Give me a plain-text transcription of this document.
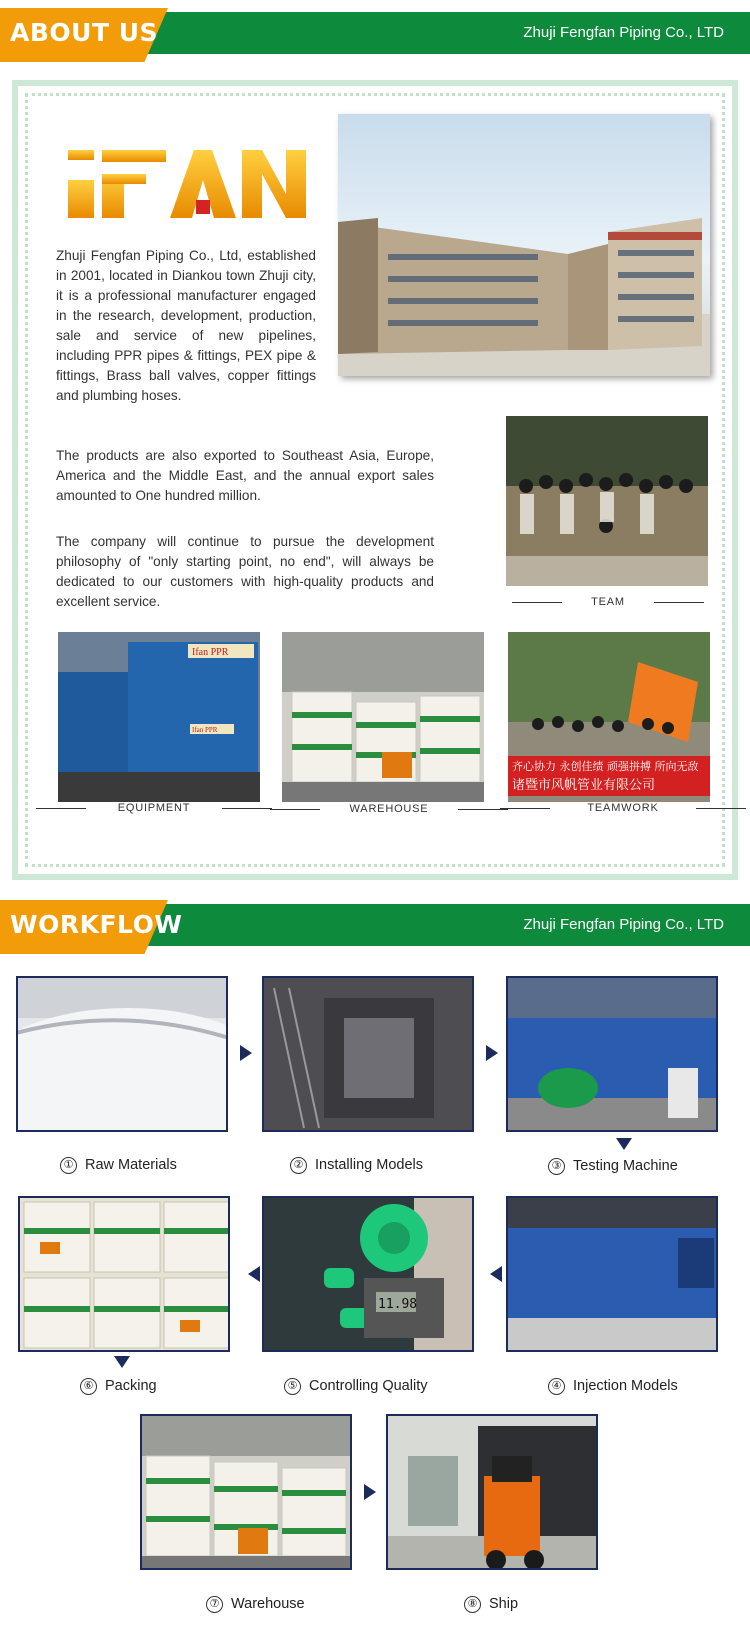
ABOUT US	Zhuji Fengfan Piping Co., LTD
Zhuji Fengfan Piping Co., Ltd, established in 2001, located in Diankou town Zhuji city, it is a professional manufacturer engaged in the research, development, production, sale and service of new pipelines, including PPR pipes & fittings, PEX pipe & fittings, Brass ball valves, copper fittings and plumbing hoses.
The products are also exported to Southeast Asia, Europe, America and the Middle East, and the annual export sales amounted to One hundred million.
The company will continue to pursue the development philosophy of "only starting point, no end", will always be dedicated to our customers with high-quality products and excellent service.	TEAM
Ifan PPR
Ifan PPR
EQUIPMENT	WAREHOUSE
齐心协力 永创佳绩 顽强拼搏 所向无敌
诸暨市风帆管业有限公司
TEAMWORK
WORKFLOW	Zhuji Fengfan Piping Co., LTD
① Raw Materials	② Installing Models	③ Testing Machine
⑥ Packing
11.98
⑤ Controlling Quality	④ Injection Models
⑦ Warehouse	⑧ Ship
